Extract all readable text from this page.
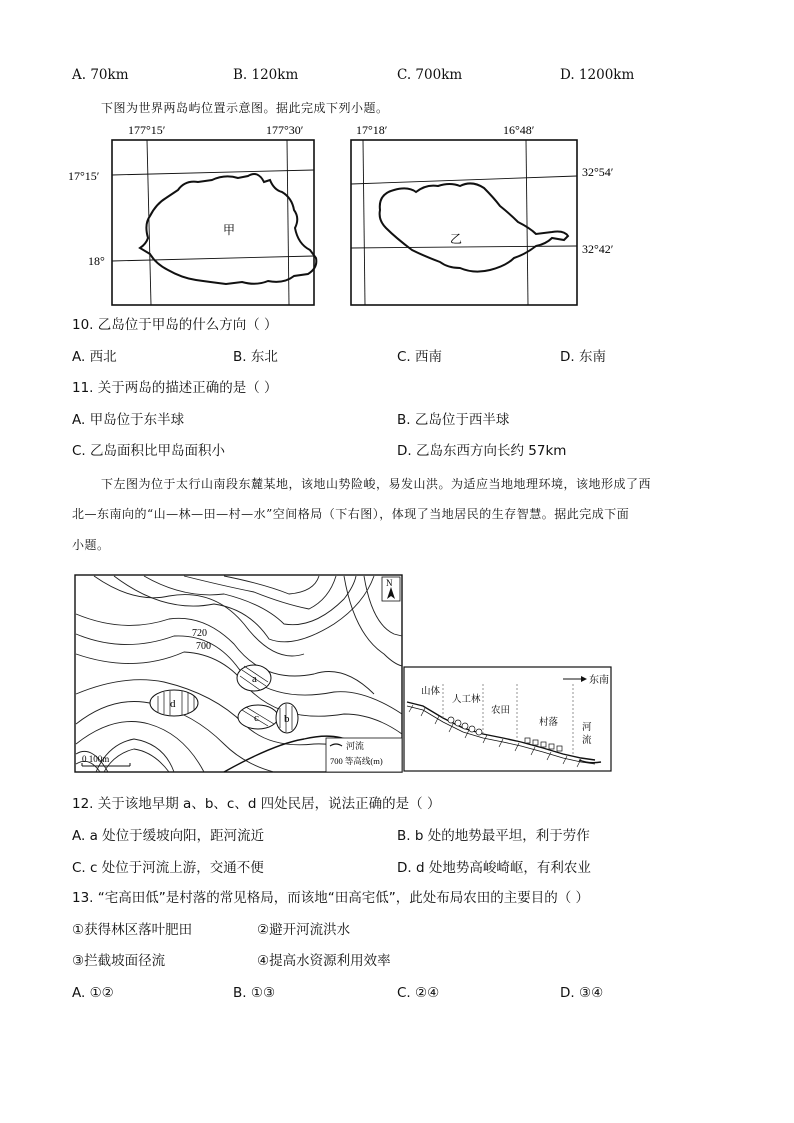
A. 70km	B. 120km	C. 700km	D. 1200km
下图为世界两岛屿位置示意图。据此完成下列小题。
甲
177°15′	177°30′
17°15′
18°
乙
17°18′	16°48′
32°54′
32°42′
10. 乙岛位于甲岛的什么方向（ ）
A. 西北	B. 东北	C. 西南	D. 东南
11. 关于两岛的描述正确的是（ ）
A. 甲岛位于东半球	B. 乙岛位于西半球
C. 乙岛面积比甲岛面积小	D. 乙岛东西方向长约 57km
下左图为位于太行山南段东麓某地，该地山势险峻，易发山洪。为适应当地地理环境，该地形成了西
北—东南向的“山—林—田—村—水”空间格局（下右图），体现了当地居民的生存智慧。据此完成下面
小题。
a
b
c
d
720
700
N
0 100m
河流
700 等高线(m)
东南
山体
人工林
农田
村落	河
流
12. 关于该地早期 a、b、c、d 四处民居，说法正确的是（ ）
A. a 处位于缓坡向阳，距河流近	B. b 处的地势最平坦，利于劳作
C. c 处位于河流上游，交通不便	D. d 处地势高峻崎岖，有利农业
13. “宅高田低”是村落的常见格局，而该地“田高宅低”，此处布局农田的主要目的（ ）
①获得林区落叶肥田	②避开河流洪水
③拦截坡面径流	④提高水资源利用效率
A. ①②	B. ①③	C. ②④	D. ③④
